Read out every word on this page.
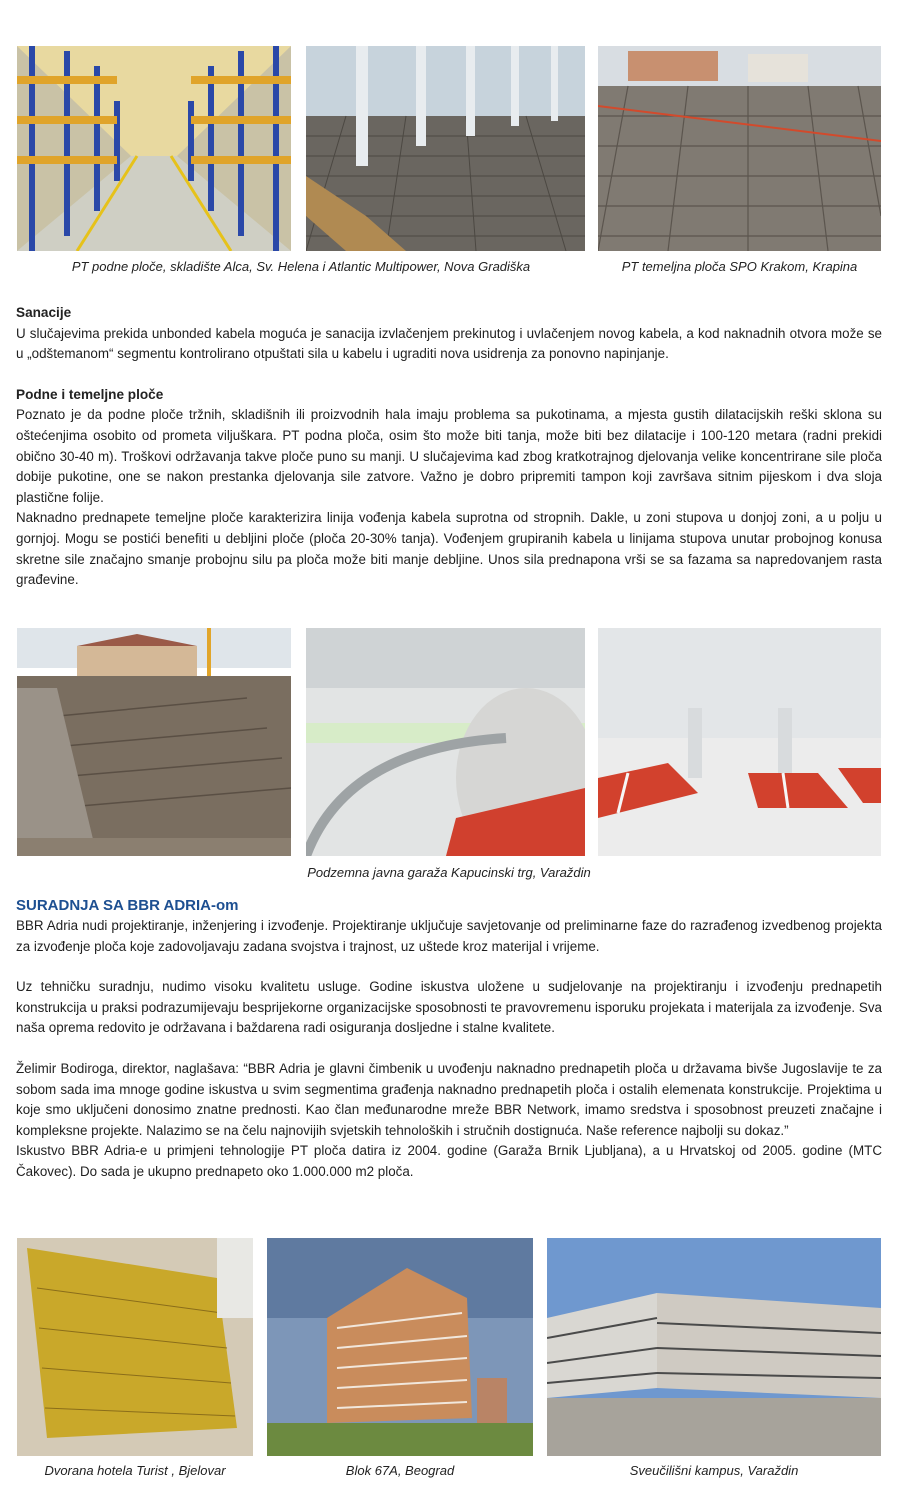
PT podne ploče, skladište Alca, Sv. Helena i Atlantic Multipower, Nova Gradiška	PT temeljna ploča SPO Krakom, Krapina
Sanacije

U slučajevima prekida unbonded kabela moguća je sanacija izvlačenjem prekinutog i uvlačenjem novog kabela, a kod naknadnih otvora može se u „odštemanom“ segmentu kontrolirano otpuštati sila u kabelu i ugraditi nova usidrenja za ponovno napinjanje.

Podne i temeljne ploče

Poznato je da podne ploče tržnih, skladišnih ili proizvodnih hala imaju problema sa pukotinama, a mjesta gustih dilatacijskih reški sklona su oštećenjima osobito od prometa viljuškara. PT podna ploča, osim što može biti tanja, može biti bez dilatacije i 100-120 metara (radni prekidi obično 30-40 m). Troškovi održavanja takve ploče puno su manji. U slučajevima kad zbog kratkotrajnog djelovanja velike koncentrirane sile ploča dobije pukotine, one se nakon prestanka djelovanja sile zatvore. Važno je dobro pripremiti tampon koji završava sitnim pijeskom i dva sloja plastične folije.

Naknadno prednapete temeljne ploče karakterizira linija vođenja kabela suprotna od stropnih. Dakle, u zoni stupova u donjoj zoni, a u polju u gornjoj. Mogu se postići benefiti u debljini ploče (ploča 20-30% tanja). Vođenjem grupiranih kabela u linijama stupova unutar probojnog konusa skretne sile značajno smanje probojnu silu pa ploča može biti manje debljine. Unos sila prednapona vrši se sa fazama sa napredovanjem rasta građevine.

Podzemna javna garaža Kapucinski trg, Varaždin
SURADNJA SA BBR ADRIA-om

BBR Adria nudi projektiranje, inženjering i izvođenje. Projektiranje uključuje savjetovanje od preliminarne faze do razrađenog izvedbenog projekta za izvođenje ploča koje zadovoljavaju zadana svojstva i trajnost, uz uštede kroz materijal i vrijeme.

Uz tehničku suradnju, nudimo visoku kvalitetu usluge. Godine iskustva uložene u sudjelovanje na projektiranju i izvođenju prednapetih konstrukcija u praksi podrazumijevaju besprijekorne organizacijske sposobnosti te pravovremenu isporuku projekata i materijala za izvođenje. Sva naša oprema redovito je održavana i baždarena radi osiguranja dosljedne i stalne kvalitete.

Želimir Bodiroga, direktor, naglašava: “BBR Adria je glavni čimbenik u uvođenju naknadno prednapetih ploča u državama bivše Jugoslavije te za sobom sada ima mnoge godine iskustva u svim segmentima građenja naknadno prednapetih ploča i ostalih elemenata konstrukcije. Projektima u koje smo uključeni donosimo znatne prednosti. Kao član međunarodne mreže BBR Network, imamo sredstva i sposobnost preuzeti značajne i kompleksne projekte. Nalazimo se na čelu najnovijih svjetskih tehnoloških i stručnih dostignuća. Naše reference najbolji su dokaz.”

Iskustvo BBR Adria-e u primjeni tehnologije PT ploča datira iz 2004. godine (Garaža Brnik Ljubljana), a u Hrvatskoj od 2005. godine (MTC Čakovec). Do sada je ukupno prednapeto oko 1.000.000 m2 ploča.

Dvorana hotela Turist , Bjelovar	Blok 67A, Beograd	Sveučilišni kampus, Varaždin
